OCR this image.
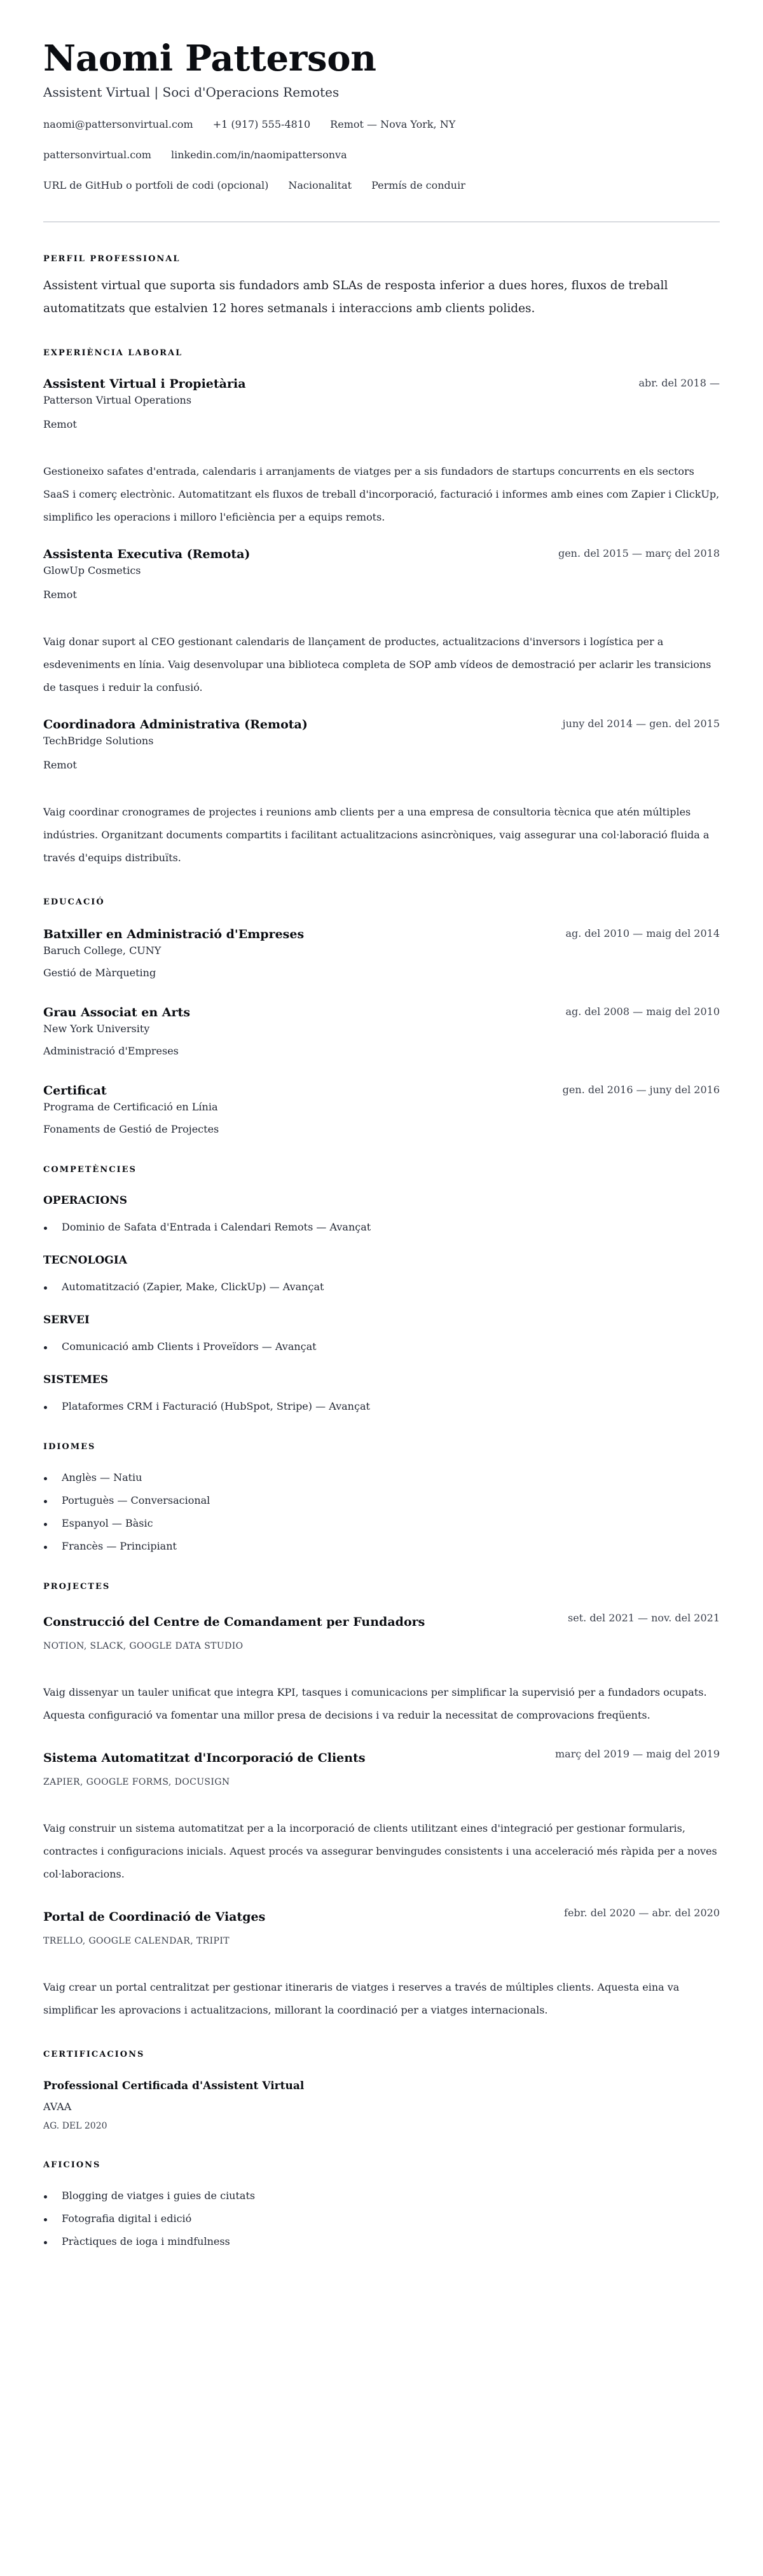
Naomi Patterson
Assistent Virtual | Soci d'Operacions Remotes
naomi@pattersonvirtual.com +1 (917) 555-4810 Remot — Nova York, NY
pattersonvirtual.com linkedin.com/in/naomipattersonva
URL de GitHub o portfoli de codi (opcional) Nacionalitat Permís de conduir
PERFIL PROFESSIONAL

Assistent virtual que suporta sis fundadors amb SLAs de resposta inferior a dues hores, fluxos de treball automatitzats que estalvien 12 hores setmanals i interaccions amb clients polides.

EXPERIÈNCIA LABORAL
Assistent Virtual i Propietària	abr. del 2018 —
Patterson Virtual Operations
Remot

Gestioneixo safates d'entrada, calendaris i arranjaments de viatges per a sis fundadors de startups concurrents en els sectors SaaS i comerç electrònic. Automatitzant els fluxos de treball d'incorporació, facturació i informes amb eines com Zapier i ClickUp, simplifico les operacions i milloro l'eficiència per a equips remots.

Assistenta Executiva (Remota)	gen. del 2015 — març del 2018
GlowUp Cosmetics
Remot

Vaig donar suport al CEO gestionant calendaris de llançament de productes, actualitzacions d'inversors i logística per a esdeveniments en línia. Vaig desenvolupar una biblioteca completa de SOP amb vídeos de demostració per aclarir les transicions de tasques i reduir la confusió.

Coordinadora Administrativa (Remota)	juny del 2014 — gen. del 2015
TechBridge Solutions
Remot

Vaig coordinar cronogrames de projectes i reunions amb clients per a una empresa de consultoria tècnica que atén múltiples indústries. Organitzant documents compartits i facilitant actualitzacions asincròniques, vaig assegurar una col·laboració fluida a través d'equips distribuïts.

EDUCACIÓ
Batxiller en Administració d'Empreses	ag. del 2010 — maig del 2014
Baruch College, CUNY
Gestió de Màrqueting
Grau Associat en Arts	ag. del 2008 — maig del 2010
New York University
Administració d'Empreses
Certificat	gen. del 2016 — juny del 2016
Programa de Certificació en Línia
Fonaments de Gestió de Projectes
COMPETÈNCIES
OPERACIONS
Dominio de Safata d'Entrada i Calendari Remots — Avançat
TECNOLOGIA
Automatització (Zapier, Make, ClickUp) — Avançat
SERVEI
Comunicació amb Clients i Proveïdors — Avançat
SISTEMES
Plataformes CRM i Facturació (HubSpot, Stripe) — Avançat
IDIOMES
Anglès — Natiu
Portuguès — Conversacional
Espanyol — Bàsic
Francès — Principiant
PROJECTES
Construcció del Centre de Comandament per Fundadors	set. del 2021 — nov. del 2021
NOTION, SLACK, GOOGLE DATA STUDIO

Vaig dissenyar un tauler unificat que integra KPI, tasques i comunicacions per simplificar la supervisió per a fundadors ocupats. Aquesta configuració va fomentar una millor presa de decisions i va reduir la necessitat de comprovacions freqüents.

Sistema Automatitzat d'Incorporació de Clients	març del 2019 — maig del 2019
ZAPIER, GOOGLE FORMS, DOCUSIGN

Vaig construir un sistema automatitzat per a la incorporació de clients utilitzant eines d'integració per gestionar formularis, contractes i configuracions inicials. Aquest procés va assegurar benvingudes consistents i una acceleració més ràpida per a noves col·laboracions.

Portal de Coordinació de Viatges	febr. del 2020 — abr. del 2020
TRELLO, GOOGLE CALENDAR, TRIPIT

Vaig crear un portal centralitzat per gestionar itineraris de viatges i reserves a través de múltiples clients. Aquesta eina va simplificar les aprovacions i actualitzacions, millorant la coordinació per a viatges internacionals.

CERTIFICACIONS
Professional Certificada d'Assistent Virtual
AVAA
AG. DEL 2020
AFICIONS
Blogging de viatges i guies de ciutats
Fotografia digital i edició
Pràctiques de ioga i mindfulness
